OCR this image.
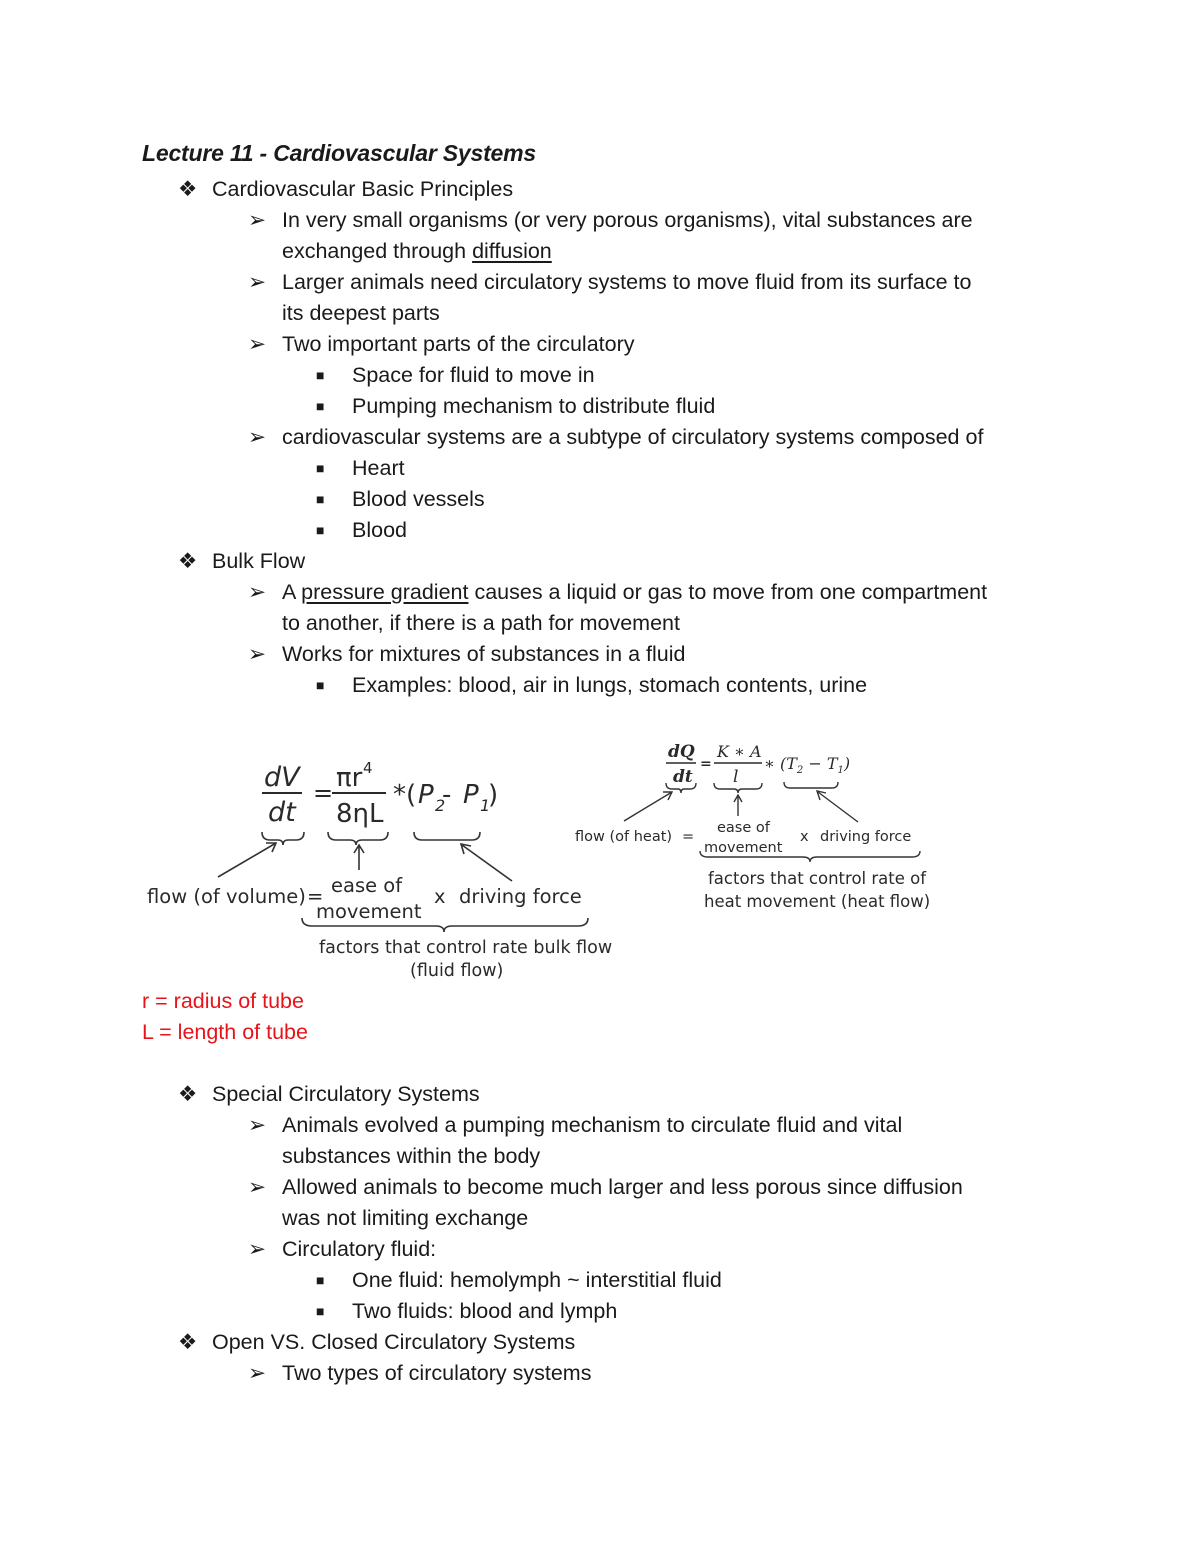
Lecture 11 - Cardiovascular Systems
❖ Cardiovascular Basic Principles
➢ In very small organisms (or very porous organisms), vital substances are
exchanged through diffusion
➢ Larger animals need circulatory systems to move fluid from its surface to
its deepest parts
➢ Two important parts of the circulatory
■ Space for fluid to move in
■ Pumping mechanism to distribute fluid
➢ cardiovascular systems are a subtype of circulatory systems composed of
■ Heart
■ Blood vessels
■ Blood
❖ Bulk Flow
➢ A pressure gradient causes a liquid or gas to move from one compartment
to another, if there is a path for movement
➢ Works for mixtures of substances in a fluid
■ Examples: blood, air in lungs, stomach contents, urine
dV
dt
= πr 4
8ηL
*( P 2
- P 1
)
flow (of volume) = ease of
movement
x driving force
factors that control rate bulk flow
(fluid flow)
dQ
dt
=
K ∗ A
l
∗ $(T_2 - T_1)$
flow (of heat) =
ease of
movement
x driving force
factors that control rate of
heat movement (heat flow)
r = radius of tube
L = length of tube
❖ Special Circulatory Systems
➢ Animals evolved a pumping mechanism to circulate fluid and vital
substances within the body
➢ Allowed animals to become much larger and less porous since diffusion
was not limiting exchange
➢ Circulatory fluid:
■ One fluid: hemolymph ~ interstitial fluid
■ Two fluids: blood and lymph
❖ Open VS. Closed Circulatory Systems
➢ Two types of circulatory systems
